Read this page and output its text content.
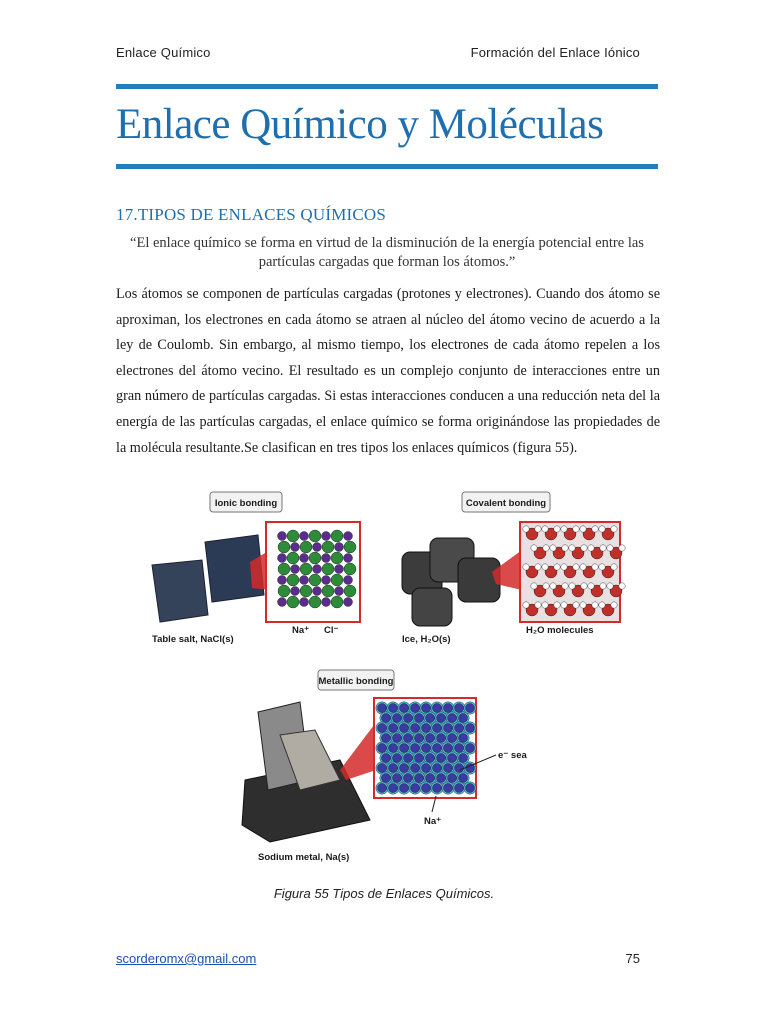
Enlace Químico	Formación del Enlace Iónico
Enlace Químico y Moléculas
17.TIPOS DE ENLACES QUÍMICOS
“El enlace químico se forma en virtud de la disminución de la energía potencial entre las partículas cargadas que forman los átomos.”
Los átomos se componen de partículas cargadas (protones y electrones). Cuando dos átomo se aproximan, los electrones en cada átomo se atraen al núcleo del átomo vecino de acuerdo a la ley de Coulomb. Sin embargo, al mismo tiempo, los electrones de cada átomo repelen a los electrones del átomo vecino. El resultado es un complejo conjunto de interacciones entre un gran número de partículas cargadas. Si estas interacciones conducen a una reducción neta del la energía de las partículas cargadas, el enlace químico se forma originándose las propiedades de la molécula resultante.Se clasifican en tres tipos los enlaces químicos (figura 55).
Ionic bonding
Table salt, NaCl(s)
Na⁺ Cl⁻
Covalent bonding
Ice, H₂O(s)
H₂O molecules
Metallic bonding
e⁻ sea
Na⁺
Sodium metal, Na(s)
Figura 55 Tipos de Enlaces Químicos.
scorderomx@gmail.com	75
